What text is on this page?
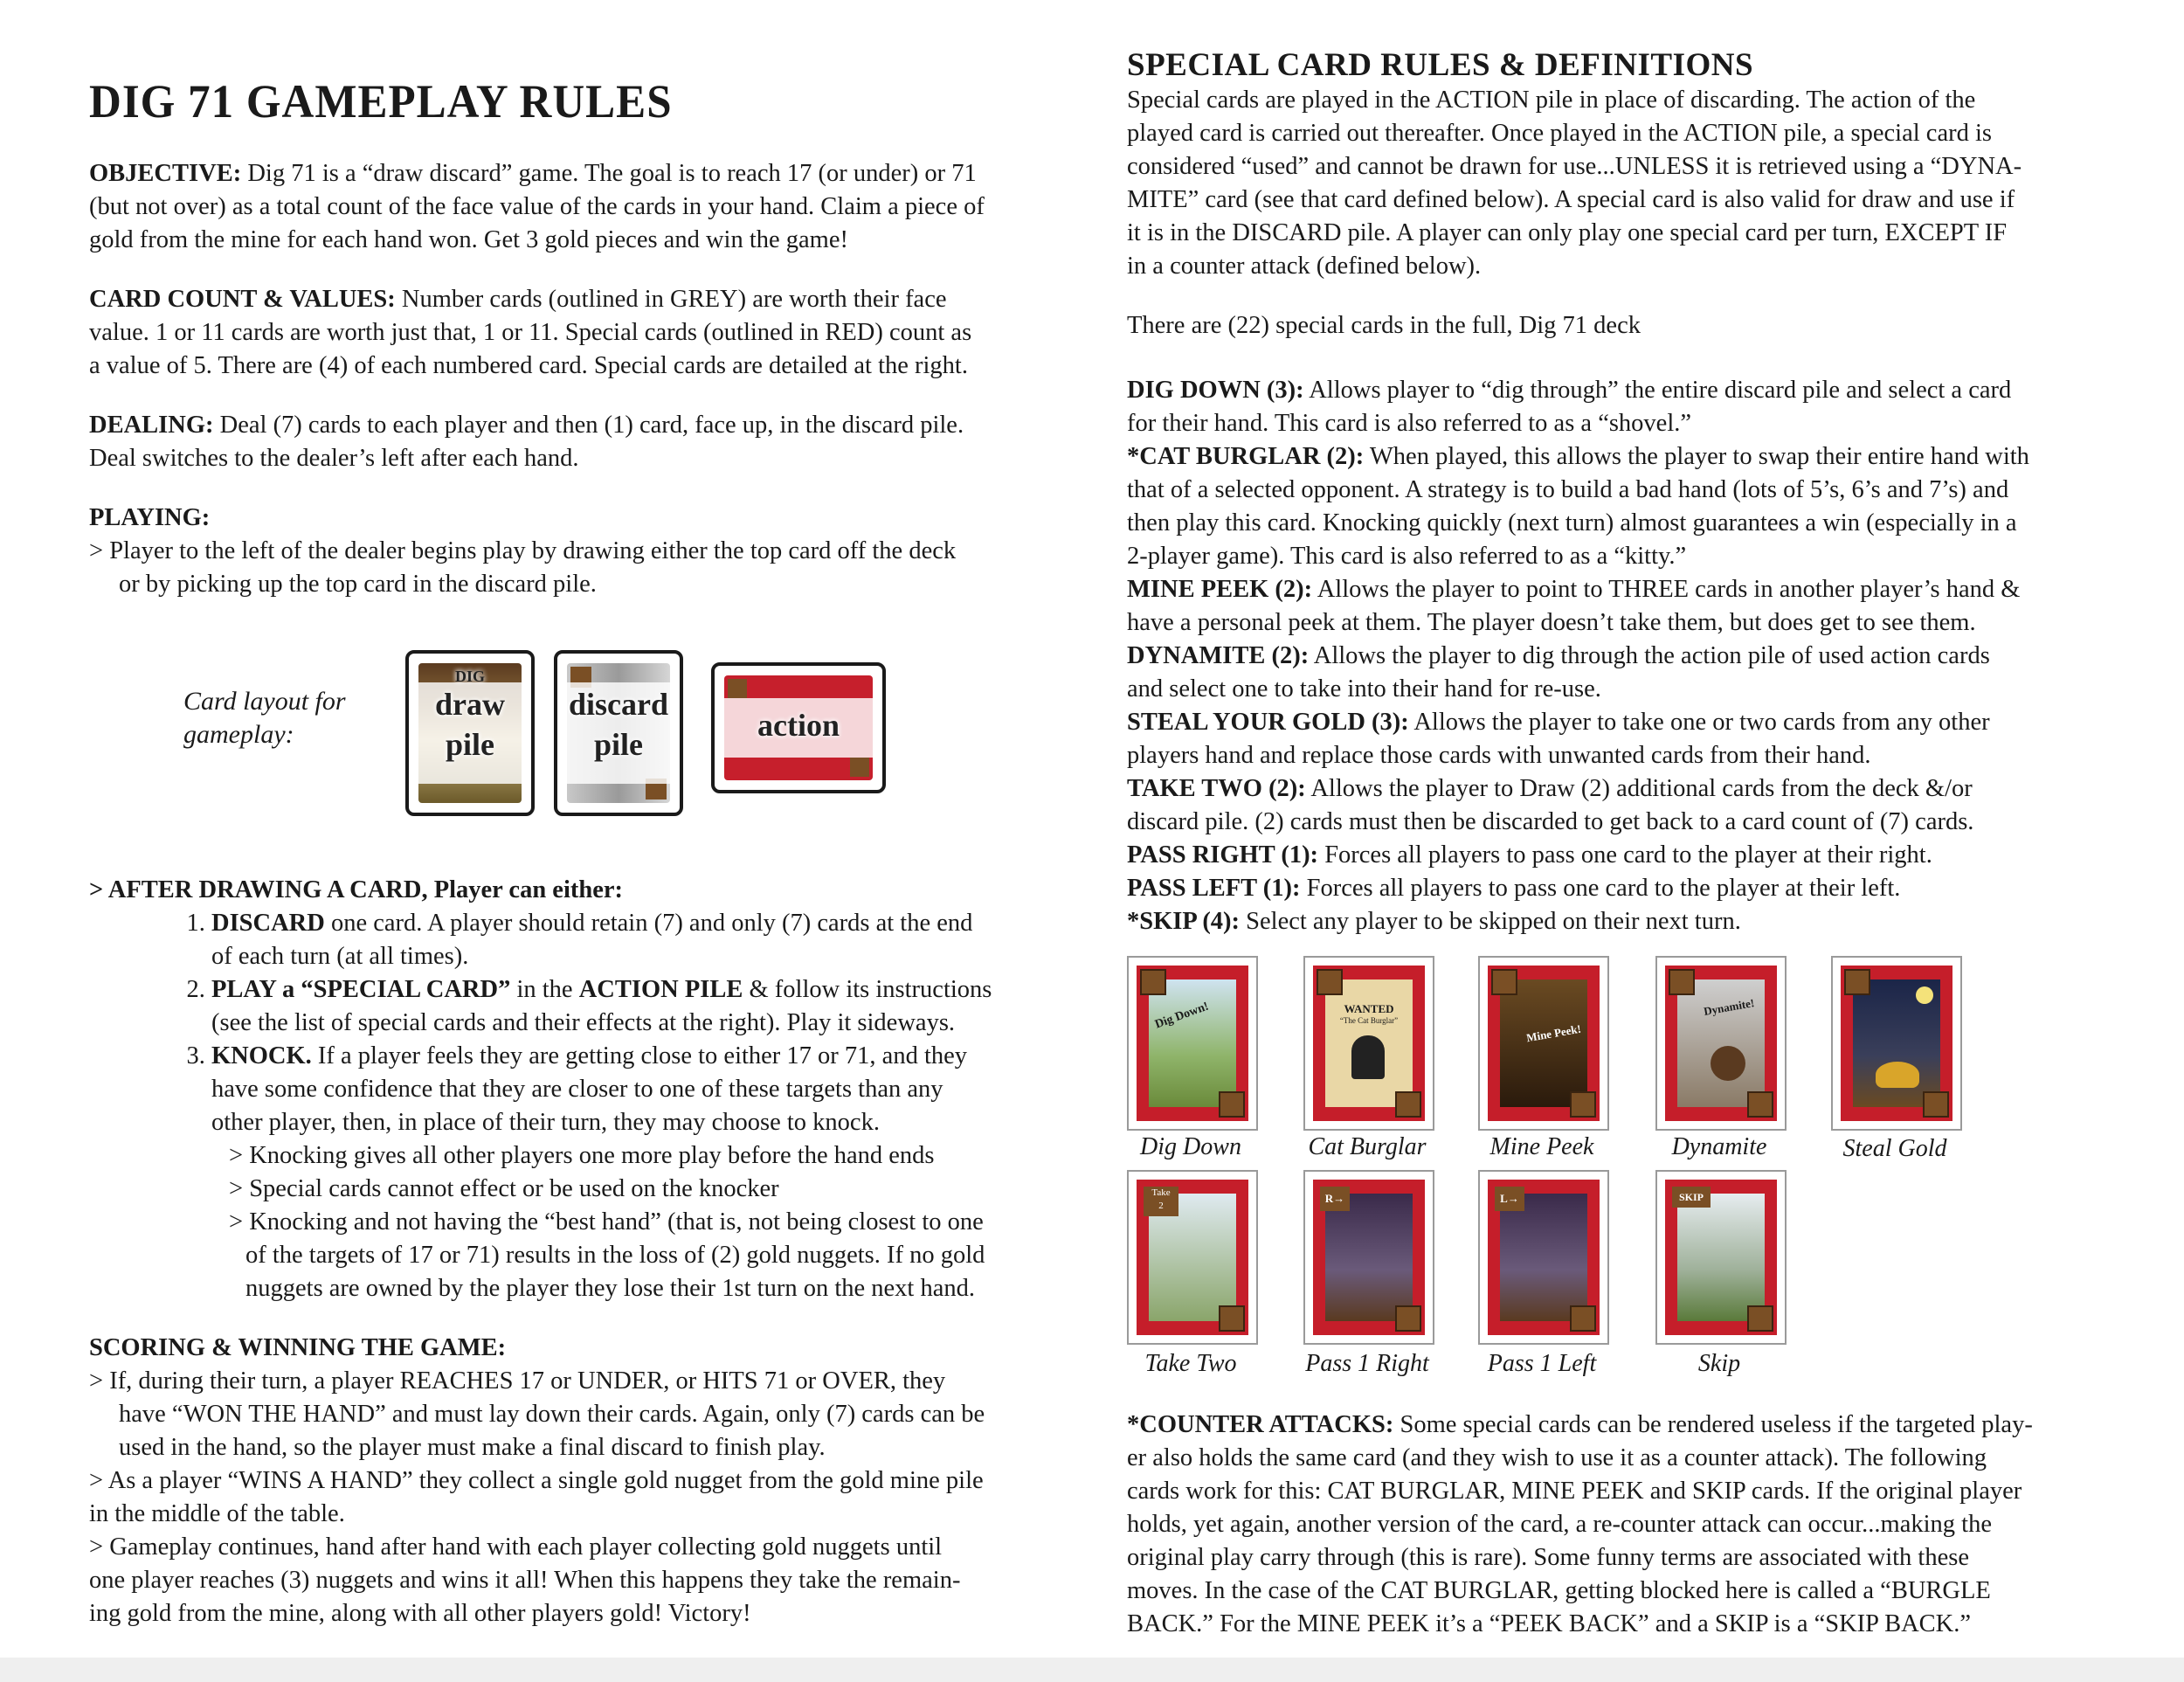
DIG 71 GAMEPLAY RULES

OBJECTIVE: Dig 71 is a “draw discard” game. The goal is to reach 17 (or under) or 71

(but not over) as a total count of the face value of the cards in your hand. Claim a piece of

gold from the mine for each hand won. Get 3 gold pieces and win the game!

CARD COUNT & VALUES: Number cards (outlined in GREY) are worth their face

value. 1 or 11 cards are worth just that, 1 or 11. Special cards (outlined in RED) count as

a value of 5. There are (4) of each numbered card. Special cards are detailed at the right.

DEALING: Deal (7) cards to each player and then (1) card, face up, in the discard pile.

Deal switches to the dealer’s left after each hand.

PLAYING:

> Player to the left of the dealer begins play by drawing either the top card off the deck

or by picking up the top card in the discard pile.

Card layout for
gameplay:
DIG
draw
pile
discard
pile
action

> AFTER DRAWING A CARD, Player can either:

1. DISCARD one card. A player should retain (7) and only (7) cards at the end
of each turn (at all times).
2. PLAY a “SPECIAL CARD” in the ACTION PILE & follow its instructions
(see the list of special cards and their effects at the right). Play it sideways.
3. KNOCK. If a player feels they are getting close to either 17 or 71, and they
have some confidence that they are closer to one of these targets than any
other player, then, in place of their turn, they may choose to knock.
> Knocking gives all other players one more play before the hand ends
> Special cards cannot effect or be used on the knocker
> Knocking and not having the “best hand” (that is, not being closest to one
of the targets of 17 or 71) results in the loss of (2) gold nuggets. If no gold
nuggets are owned by the player they lose their 1st turn on the next hand.

SCORING & WINNING THE GAME:

> If, during their turn, a player REACHES 17 or UNDER, or HITS 71 or OVER, they

have “WON THE HAND” and must lay down their cards. Again, only (7) cards can be

used in the hand, so the player must make a final discard to finish play.

> As a player “WINS A HAND” they collect a single gold nugget from the gold mine pile

in the middle of the table.

> Gameplay continues, hand after hand with each player collecting gold nuggets until

one player reaches (3) nuggets and wins it all! When this happens they take the remain-

ing gold from the mine, along with all other players gold! Victory!

SPECIAL CARD RULES & DEFINITIONS

Special cards are played in the ACTION pile in place of discarding. The action of the

played card is carried out thereafter. Once played in the ACTION pile, a special card is

considered “used” and cannot be drawn for use...UNLESS it is retrieved using a “DYNA-

MITE” card (see that card defined below). A special card is also valid for draw and use if

it is in the DISCARD pile. A player can only play one special card per turn, EXCEPT IF

in a counter attack (defined below).

There are (22) special cards in the full, Dig 71 deck

DIG DOWN (3): Allows player to “dig through” the entire discard pile and select a card

for their hand. This card is also referred to as a “shovel.”

*CAT BURGLAR (2): When played, this allows the player to swap their entire hand with

that of a selected opponent. A strategy is to build a bad hand (lots of 5’s, 6’s and 7’s) and

then play this card. Knocking quickly (next turn) almost guarantees a win (especially in a

2-player game). This card is also referred to as a “kitty.”

MINE PEEK (2): Allows the player to point to THREE cards in another player’s hand &

have a personal peek at them. The player doesn’t take them, but does get to see them.

DYNAMITE (2): Allows the player to dig through the action pile of used action cards

and select one to take into their hand for re-use.

STEAL YOUR GOLD (3): Allows the player to take one or two cards from any other

players hand and replace those cards with unwanted cards from their hand.

TAKE TWO (2): Allows the player to Draw (2) additional cards from the deck &/or

discard pile. (2) cards must then be discarded to get back to a card count of (7) cards.

PASS RIGHT (1): Forces all players to pass one card to the player at their right.

PASS LEFT (1): Forces all players to pass one card to the player at their left.

*SKIP (4): Select any player to be skipped on their next turn.

Dig Down!	WANTED
“The Cat Burglar”
Mine Peek!
Dynamite!
Dig Down	Cat Burglar	Mine Peek	Dynamite	Steal Gold
Take
2
R→	L→	SKIP
Take Two	Pass 1 Right	Pass 1 Left	Skip

*COUNTER ATTACKS: Some special cards can be rendered useless if the targeted play-

er also holds the same card (and they wish to use it as a counter attack). The following

cards work for this: CAT BURGLAR, MINE PEEK and SKIP cards. If the original player

holds, yet again, another version of the card, a re-counter attack can occur...making the

original play carry through (this is rare). Some funny terms are associated with these

moves. In the case of the CAT BURGLAR, getting blocked here is called a “BURGLE

BACK.” For the MINE PEEK it’s a “PEEK BACK” and a SKIP is a “SKIP BACK.”
